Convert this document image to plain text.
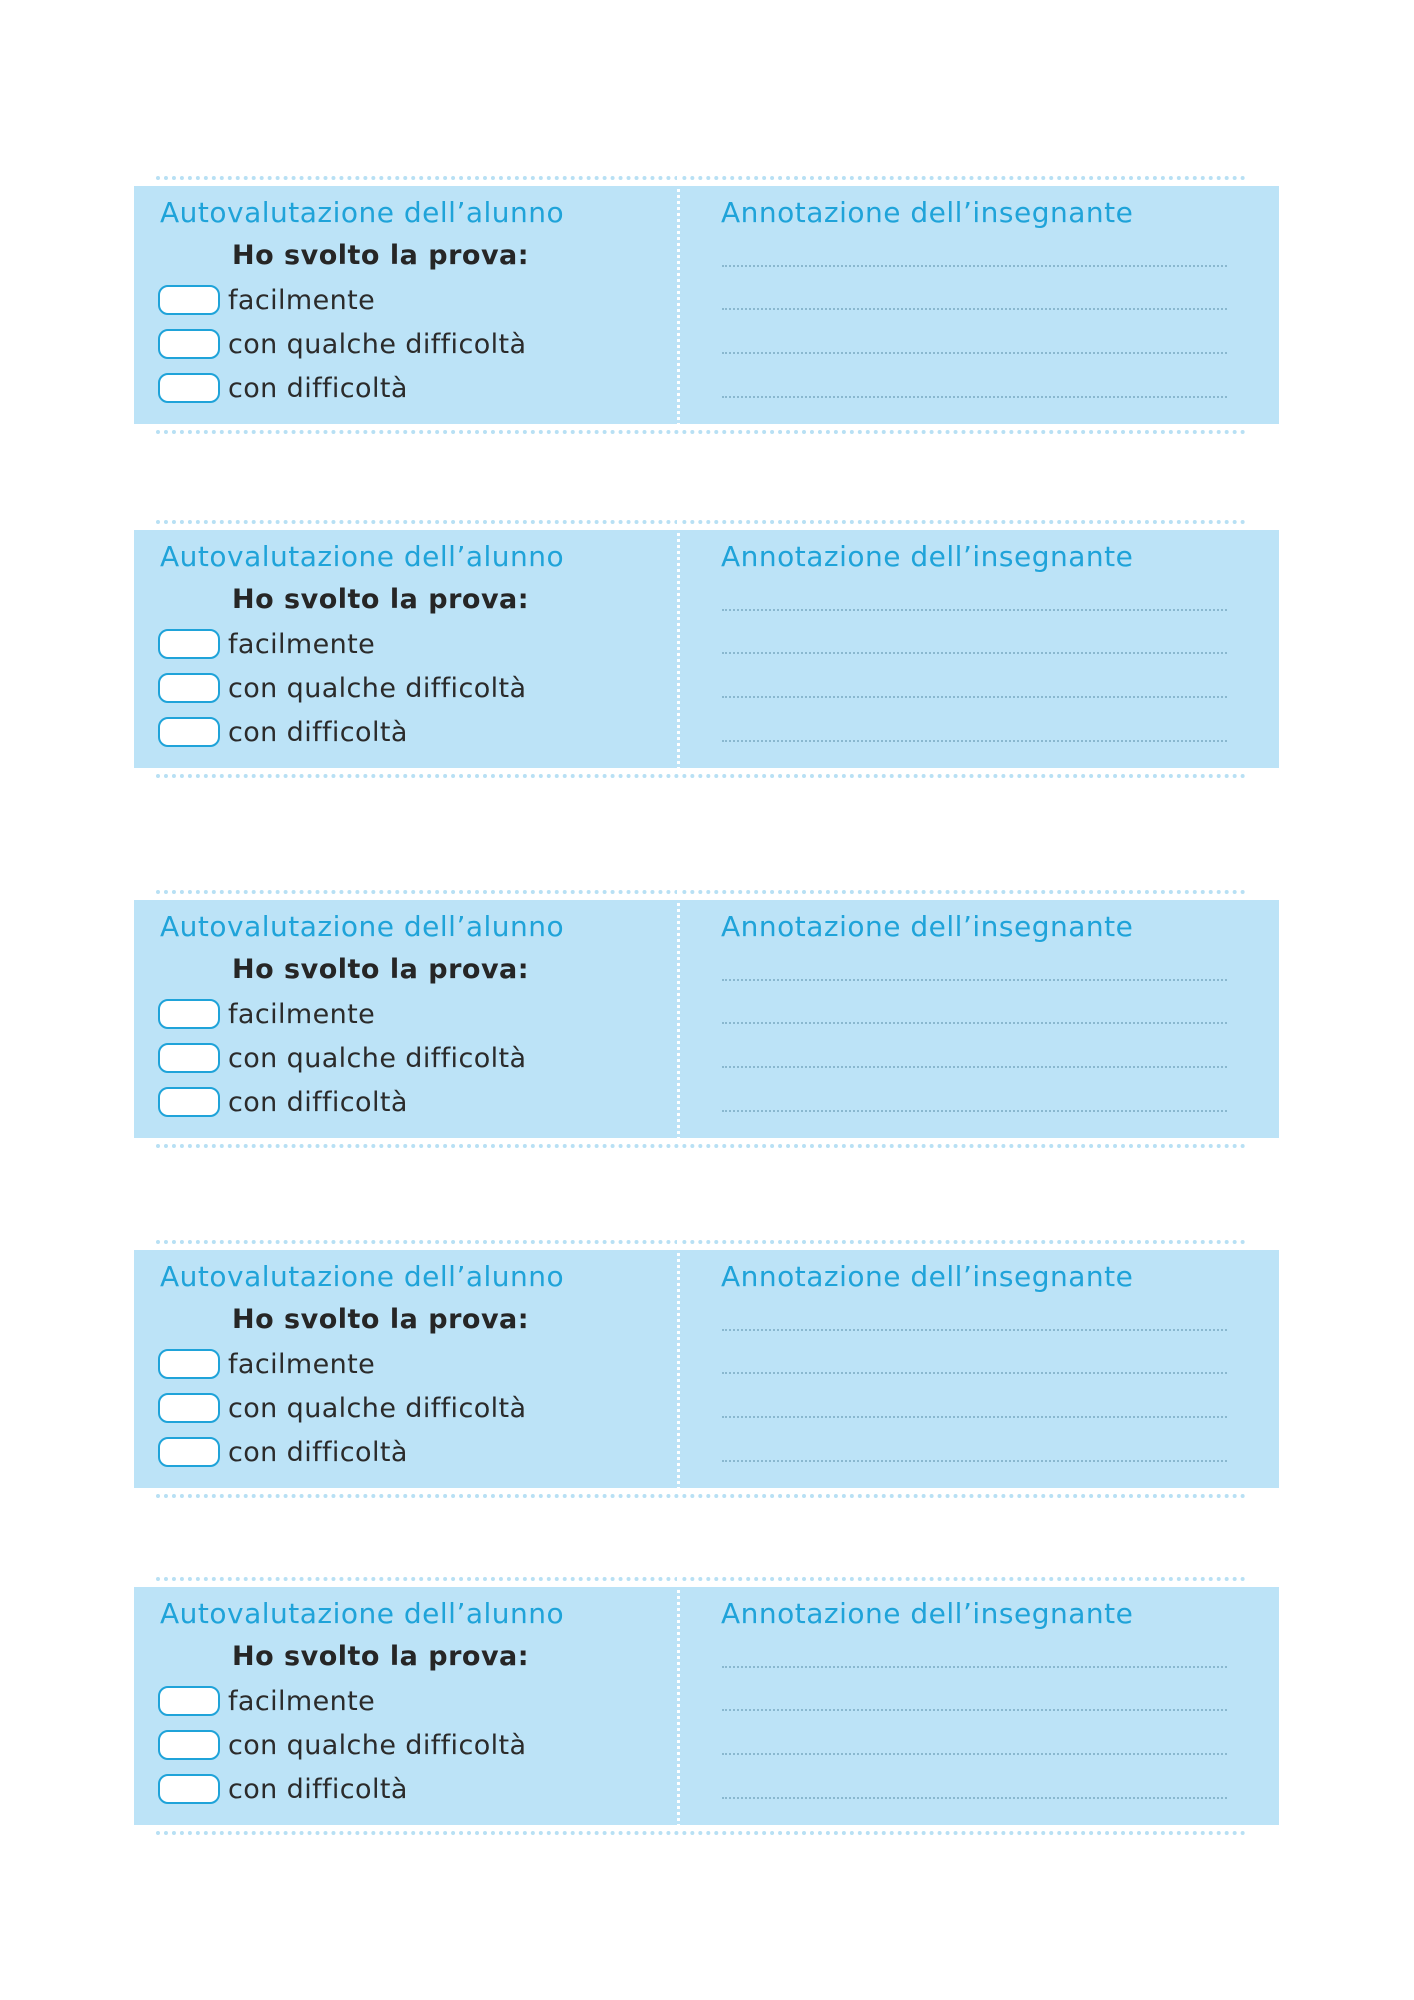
Autovalutazione dell’alunno	Annotazione dell’insegnante
Ho svolto la prova:
facilmente
con qualche difficoltà
con difficoltà
Autovalutazione dell’alunno	Annotazione dell’insegnante
Ho svolto la prova:
facilmente
con qualche difficoltà
con difficoltà
Autovalutazione dell’alunno	Annotazione dell’insegnante
Ho svolto la prova:
facilmente
con qualche difficoltà
con difficoltà
Autovalutazione dell’alunno	Annotazione dell’insegnante
Ho svolto la prova:
facilmente
con qualche difficoltà
con difficoltà
Autovalutazione dell’alunno	Annotazione dell’insegnante
Ho svolto la prova:
facilmente
con qualche difficoltà
con difficoltà
